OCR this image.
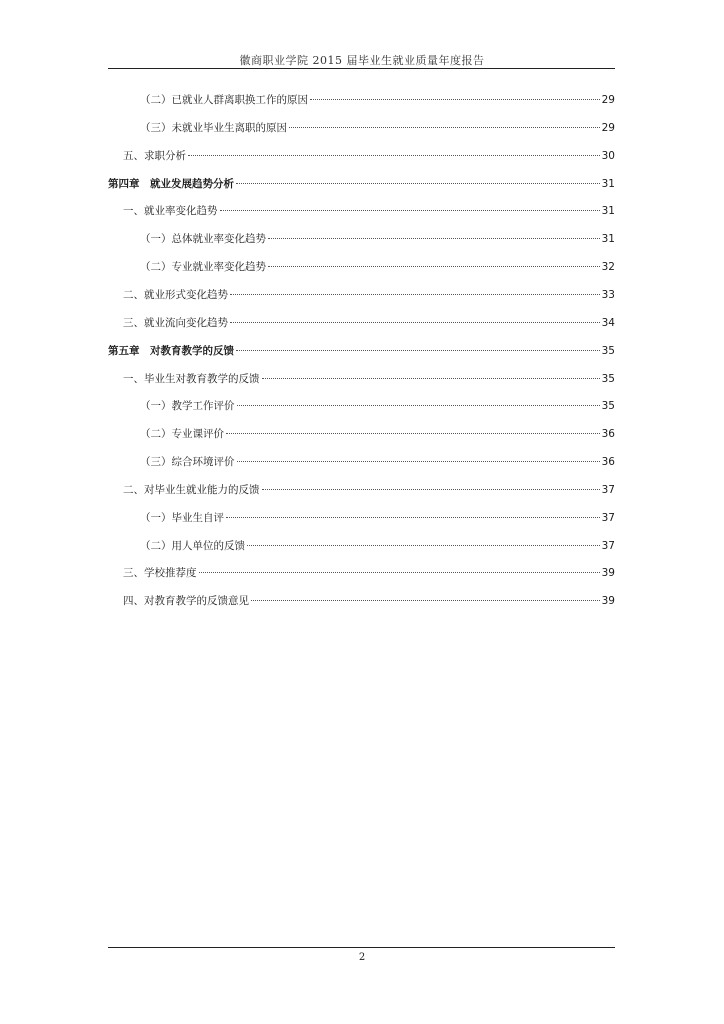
徽商职业学院 2015 届毕业生就业质量年度报告
（二）已就业人群离职换工作的原因	29
（三）未就业毕业生离职的原因	29
五、求职分析	30
第四章　就业发展趋势分析	31
一、就业率变化趋势	31
（一）总体就业率变化趋势	31
（二）专业就业率变化趋势	32
二、就业形式变化趋势	33
三、就业流向变化趋势	34
第五章　对教育教学的反馈	35
一、毕业生对教育教学的反馈	35
（一）教学工作评价	35
（二）专业课评价	36
（三）综合环境评价	36
二、对毕业生就业能力的反馈	37
（一）毕业生自评	37
（二）用人单位的反馈	37
三、学校推荐度	39
四、对教育教学的反馈意见	39
2
